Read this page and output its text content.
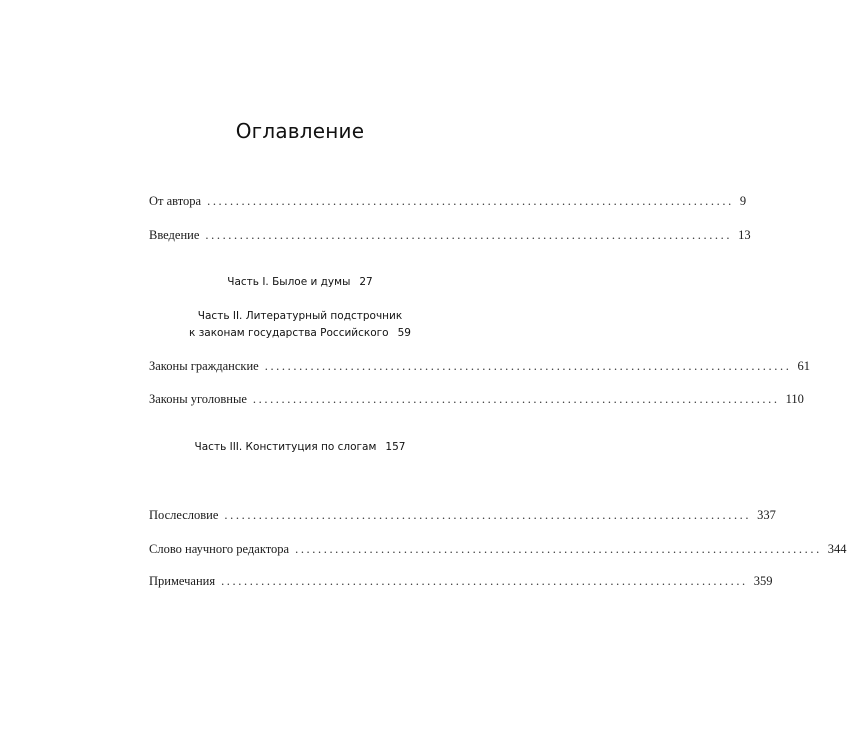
Оглавление
От автора ............................................................................................ 9
Введение ............................................................................................ 13
Часть I. Былое и думы 27
Часть II. Литературный подстрочник
к законам государства Российского 59
Законы гражданские ............................................................................................ 61
Законы уголовные ............................................................................................ 110
Часть III. Конституция по слогам 157
Послесловие ............................................................................................ 337
Слово научного редактора ............................................................................................ 344
Примечания ............................................................................................ 359
